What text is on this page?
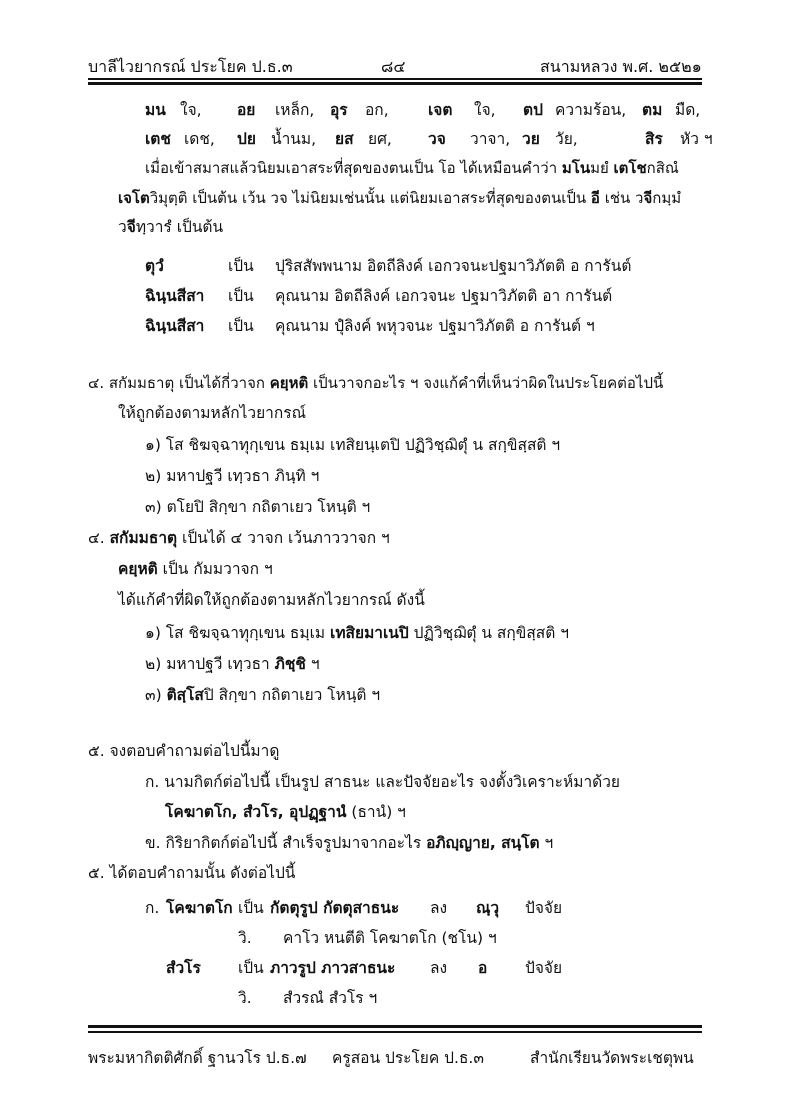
บาลีไวยากรณ์ ประโยค ป.ธ.๓	๘๔	สนามหลวง พ.ศ. ๒๕๒๑
มน ใจ, อย เหล็ก, อุร อก,	เจต ใจ, ตป ความร้อน, ตม มืด,
เตช เดช, ปย น้ำนม, ยส ยศ, วจ วาจา, วย วัย,	สิร หัว ฯ
เมื่อเข้าสมาสแล้วนิยมเอาสระที่สุดของตนเป็น โอ ได้เหมือนคำว่า มโนมยํ เตโชกสิณํ
เจโตวิมุตฺติ เป็นต้น เว้น วจ ไม่นิยมเช่นนั้น แต่นิยมเอาสระที่สุดของตนเป็น อี เช่น วจีกมฺมํ
วจีทฺวารํ เป็นต้น
ตุวํ	เป็น ปุริสสัพพนาม อิตถีลิงค์ เอกวจนะปฐมาวิภัตติ อ การันต์
ฉินฺนสีสา เป็น คุณนาม อิตถีลิงค์ เอกวจนะ ปฐมาวิภัตติ อา การันต์
ฉินฺนสีสา เป็น คุณนาม ปุํลิงค์ พหุวจนะ ปฐมาวิภัตติ อ การันต์ ฯ
๔. สกัมมธาตุ เป็นได้กี่วาจก คยฺหติ เป็นวาจกอะไร ฯ จงแก้คำที่เห็นว่าผิดในประโยคต่อไปนี้
ให้ถูกต้องตามหลักไวยากรณ์
๑) โส ชิฆจฺฉาทุกฺเขน ธมฺเม เทสิยนฺเตปิ ปฏิวิชฺฌิตุํ น สกฺขิสฺสติ ฯ
๒) มหาปฐวี เทฺวธา ภินฺทิ ฯ
๓) ตโยปิ สิกฺขา กถิตาเยว โหนฺติ ฯ
๔. สกัมมธาตุ เป็นได้ ๔ วาจก เว้นภาววาจก ฯ
คยฺหติ เป็น กัมมวาจก ฯ
ได้แก้คำที่ผิดให้ถูกต้องตามหลักไวยากรณ์ ดังนี้
๑) โส ชิฆจฺฉาทุกฺเขน ธมฺเม เทสิยมาเนปิ ปฏิวิชฺฌิตุํ น สกฺขิสฺสติ ฯ
๒) มหาปฐวี เทฺวธา ภิชฺชิ ฯ
๓) ติสฺโสปิ สิกฺขา กถิตาเยว โหนฺติ ฯ
๕. จงตอบคำถามต่อไปนี้มาดู
ก. นามกิตก์ต่อไปนี้ เป็นรูป สาธนะ และปัจจัยอะไร จงตั้งวิเคราะห์มาด้วย
โคฆาตโก, สํวโร, อุปฏฺฐานํ (ธานํ) ฯ
ข. กิริยากิตก์ต่อไปนี้ สำเร็จรูปมาจากอะไร อภิญฺญาย, สนฺโต ฯ
๕. ได้ตอบคำถามนั้น ดังต่อไปนี้
ก. โคฆาตโก เป็น กัตตุรูป กัตตุสาธนะ ลง ณฺวุ ปัจจัย
วิ. คาโว หนตีติ โคฆาตโก (ชโน) ฯ
สํวโร เป็น ภาวรูป ภาวสาธนะ ลง อ ปัจจัย
วิ. สํวรณํ สํวโร ฯ
พระมหากิตติศักดิ์ ฐานวโร ป.ธ.๗ ครูสอน ประโยค ป.ธ.๓	สำนักเรียนวัดพระเชตุพน
